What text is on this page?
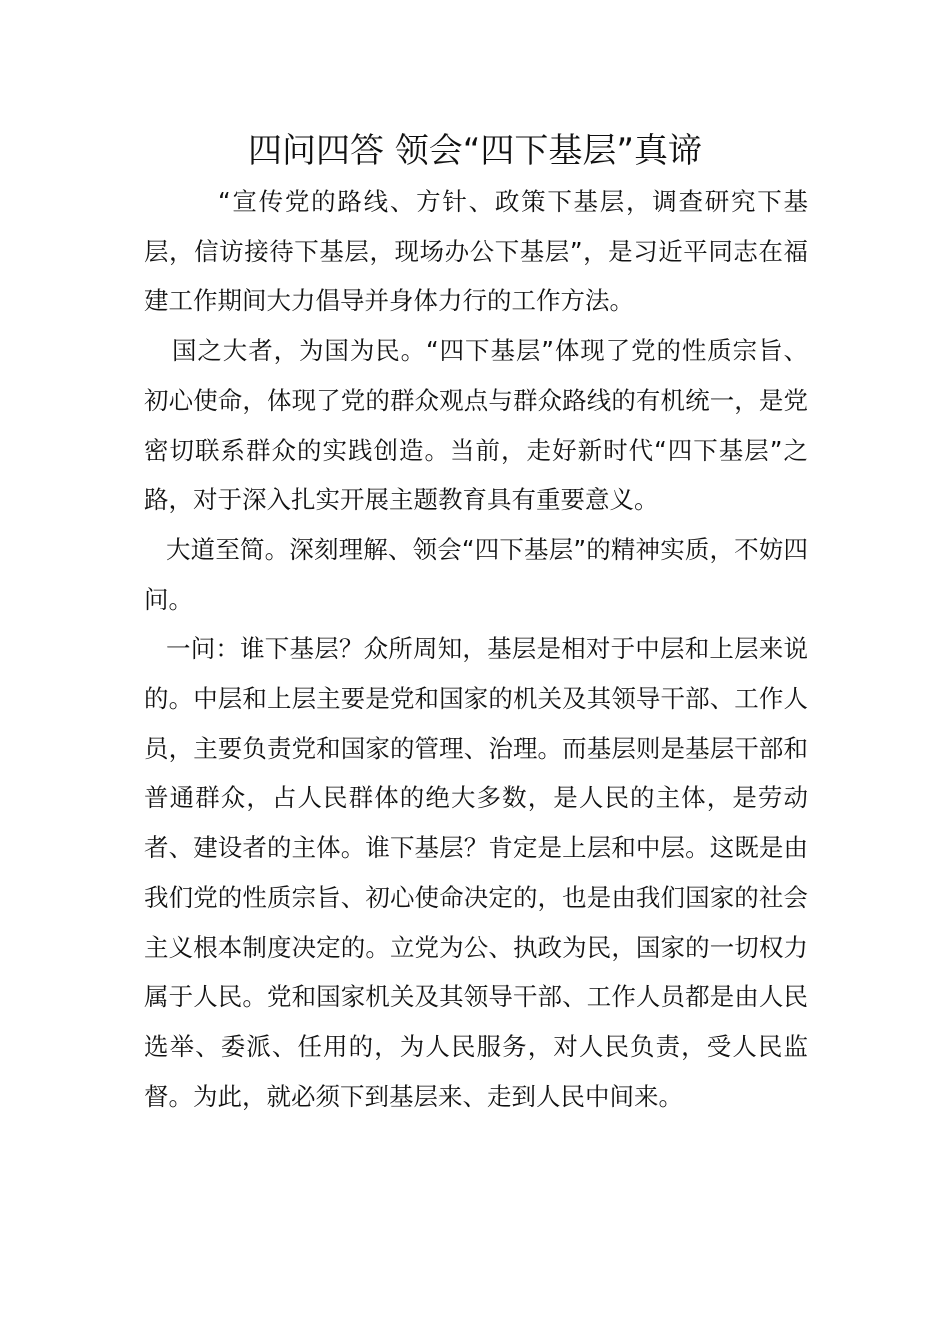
四问四答 领会“四下基层”真谛

“宣传党的路线、方针、政策下基层，调查研究下基层，信访接待下基层，现场办公下基层”，是习近平同志在福建工作期间大力倡导并身体力行的工作方法。

国之大者，为国为民。“四下基层”体现了党的性质宗旨、初心使命，体现了党的群众观点与群众路线的有机统一，是党密切联系群众的实践创造。当前，走好新时代“四下基层”之路，对于深入扎实开展主题教育具有重要意义。

大道至简。深刻理解、领会“四下基层”的精神实质，不妨四问。

一问：谁下基层？众所周知，基层是相对于中层和上层来说的。中层和上层主要是党和国家的机关及其领导干部、工作人员，主要负责党和国家的管理、治理。而基层则是基层干部和普通群众，占人民群体的绝大多数，是人民的主体，是劳动者、建设者的主体。谁下基层？肯定是上层和中层。这既是由我们党的性质宗旨、初心使命决定的，也是由我们国家的社会主义根本制度决定的。立党为公、执政为民，国家的一切权力属于人民。党和国家机关及其领导干部、工作人员都是由人民选举、委派、任用的，为人民服务，对人民负责，受人民监督。为此，就必须下到基层来、走到人民中间来。
